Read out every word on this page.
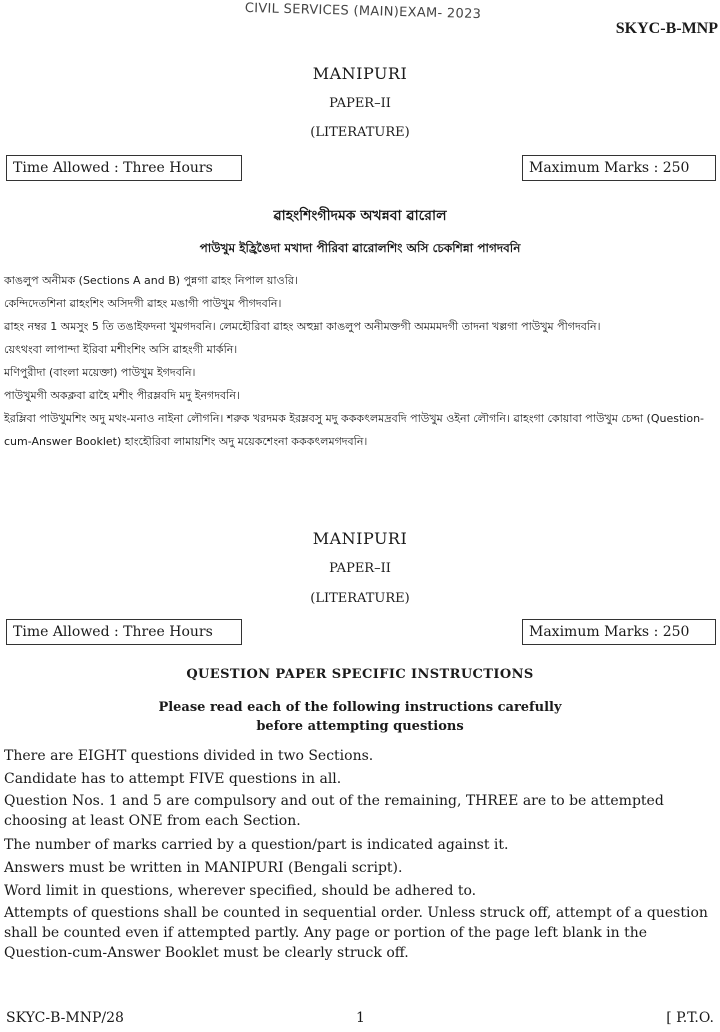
CIVIL SERVICES (MAIN)EXAM- 2023
SKYC-B-MNP
MANIPURI
PAPER–II
(LITERATURE)
Time Allowed : Three Hours	Maximum Marks : 250
ৱাহংশিংগীদমক অখন্নবা ৱারোল
পাউখুম ইহ্রিঙৈদা মখাদা পীরিবা ৱারোলশিং অসি চেকশিন্না পাগদবনি

কাঙলুপ অনীমক (Sections A and B) পুন্নগা ৱাহং নিপাল য়াওরি।

কেন্দিদেতশিনা ৱাহংশিং অসিদগী ৱাহং মঙাগী পাউখুম পীগদবনি।

ৱাহং নম্বর 1 অমসুং 5 তি তঙাইফদনা খুমগদবনি। লেমহৌরিবা ৱাহং অহুম্না কাঙলুপ অনীমক্তগী অমমমদগী তাদনা খল্লগা পাউখুম পীগদবনি।

য়েৎথংবা লাপান্দা ইরিবা মশীংশিং অসি ৱাহংগী মার্কনি।

মণিপুরীদা (বাংলা ময়েক্তা) পাউখুম ইগদবনি।

পাউখুমগী অকক্লবা ৱাহৈ মশীং পীরম্লবদি মদু ইনগদবনি।

ইরম্লিবা পাউখুমশিং অদু মথং-মনাও নাইনা লৌগনি। শরুক খরদমক ইরম্লবসু মদু কককৎলমদ্রবদি পাউখুম ওইনা লৌগনি। ৱাহংগা কোয়াবা পাউখুম চেদ্দা (Question-cum-Answer Booklet) হাংহৌরিবা লামায়শিং অদু ময়েকশেংনা কককৎলমগদবনি।

MANIPURI
PAPER–II
(LITERATURE)
Time Allowed : Three Hours	Maximum Marks : 250
QUESTION PAPER SPECIFIC INSTRUCTIONS
Please read each of the following instructions carefully
before attempting questions

There are EIGHT questions divided in two Sections.

Candidate has to attempt FIVE questions in all.

Question Nos. 1 and 5 are compulsory and out of the remaining, THREE are to be attempted choosing at least ONE from each Section.

The number of marks carried by a question/part is indicated against it.

Answers must be written in MANIPURI (Bengali script).

Word limit in questions, wherever specified, should be adhered to.

Attempts of questions shall be counted in sequential order. Unless struck off, attempt of a question shall be counted even if attempted partly. Any page or portion of the page left blank in the Question-cum-Answer Booklet must be clearly struck off.

SKYC-B-MNP/28	1	[ P.T.O.
